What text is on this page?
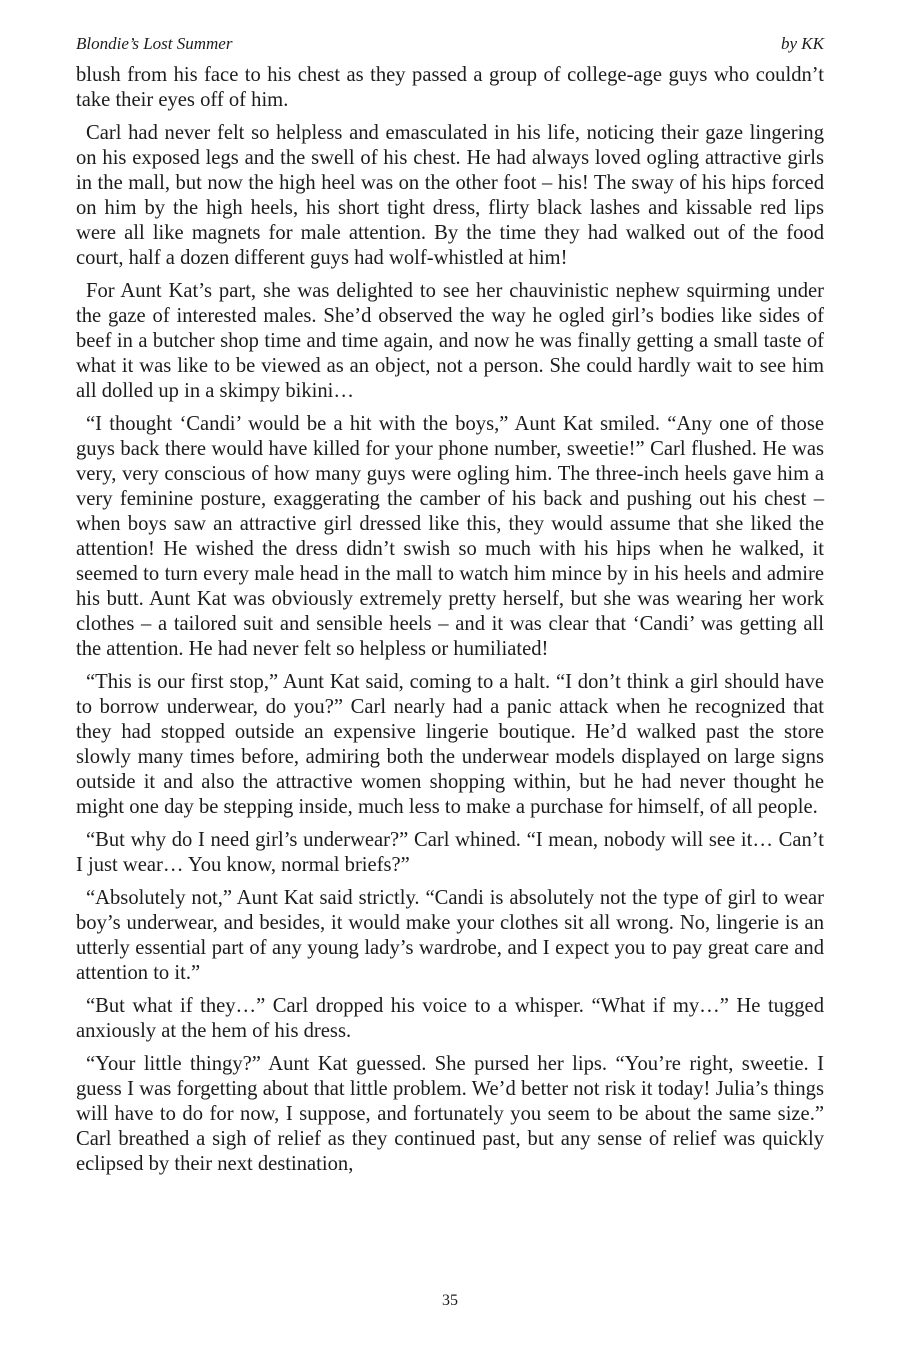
Blondie’s Lost Summer	by KK

blush from his face to his chest as they passed a group of college-age guys who couldn’t take their eyes off of him.

Carl had never felt so helpless and emasculated in his life, noticing their gaze lingering on his exposed legs and the swell of his chest. He had always loved ogling attractive girls in the mall, but now the high heel was on the other foot – his! The sway of his hips forced on him by the high heels, his short tight dress, flirty black lashes and kissable red lips were all like magnets for male attention. By the time they had walked out of the food court, half a dozen different guys had wolf-whistled at him!

For Aunt Kat’s part, she was delighted to see her chauvinistic nephew squirming under the gaze of interested males. She’d observed the way he ogled girl’s bodies like sides of beef in a butcher shop time and time again, and now he was finally getting a small taste of what it was like to be viewed as an object, not a person. She could hardly wait to see him all dolled up in a skimpy bikini…

“I thought ‘Candi’ would be a hit with the boys,” Aunt Kat smiled. “Any one of those guys back there would have killed for your phone number, sweetie!” Carl flushed. He was very, very conscious of how many guys were ogling him. The three-inch heels gave him a very feminine posture, exaggerating the camber of his back and pushing out his chest – when boys saw an attractive girl dressed like this, they would assume that she liked the attention! He wished the dress didn’t swish so much with his hips when he walked, it seemed to turn every male head in the mall to watch him mince by in his heels and admire his butt. Aunt Kat was obviously extremely pretty herself, but she was wearing her work clothes – a tailored suit and sensible heels – and it was clear that ‘Candi’ was getting all the attention. He had never felt so helpless or humiliated!

“This is our first stop,” Aunt Kat said, coming to a halt. “I don’t think a girl should have to borrow underwear, do you?” Carl nearly had a panic attack when he recognized that they had stopped outside an expensive lingerie boutique. He’d walked past the store slowly many times before, admiring both the underwear models displayed on large signs outside it and also the attractive women shopping within, but he had never thought he might one day be stepping inside, much less to make a purchase for himself, of all people.

“But why do I need girl’s underwear?” Carl whined. “I mean, nobody will see it… Can’t I just wear… You know, normal briefs?”

“Absolutely not,” Aunt Kat said strictly. “Candi is absolutely not the type of girl to wear boy’s underwear, and besides, it would make your clothes sit all wrong. No, lingerie is an utterly essential part of any young lady’s wardrobe, and I expect you to pay great care and attention to it.”

“But what if they…” Carl dropped his voice to a whisper. “What if my…” He tugged anxiously at the hem of his dress.

“Your little thingy?” Aunt Kat guessed. She pursed her lips. “You’re right, sweetie. I guess I was forgetting about that little problem. We’d better not risk it today! Julia’s things will have to do for now, I suppose, and fortunately you seem to be about the same size.” Carl breathed a sigh of relief as they continued past, but any sense of relief was quickly eclipsed by their next destination,

35
